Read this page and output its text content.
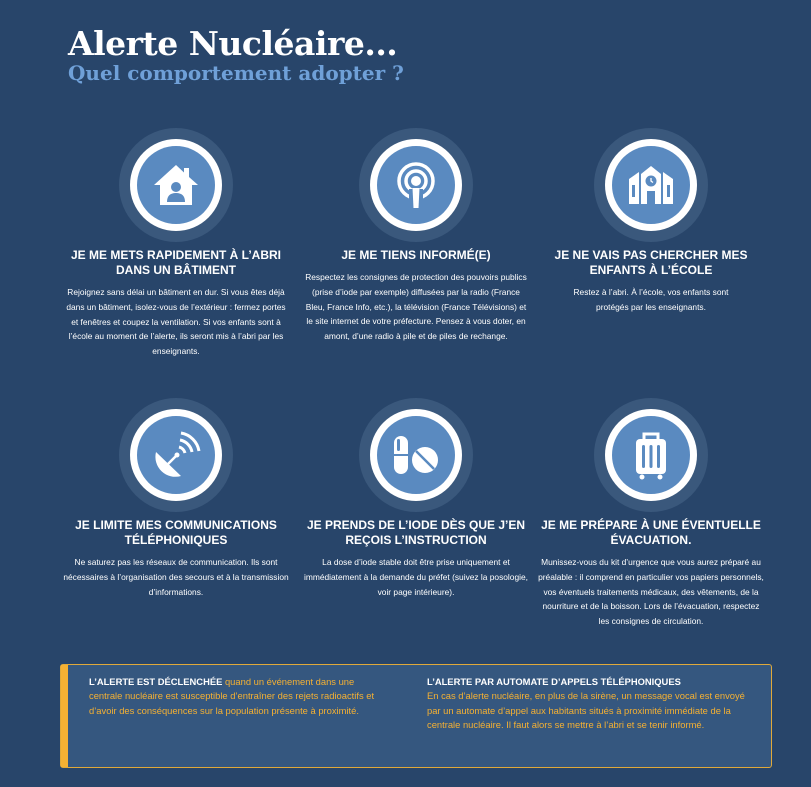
Alerte Nucléaire...
Quel comportement adopter ?
JE ME METS RAPIDEMENT À L’ABRI DANS UN BÂTIMENT
Rejoignez sans délai un bâtiment en dur. Si vous êtes déjà dans un bâtiment, isolez-vous de l’extérieur : fermez portes et fenêtres et coupez la ventilation. Si vos enfants sont à l’école au moment de l’alerte, ils seront mis à l’abri par les enseignants.
JE ME TIENS INFORMÉ(E)
Respectez les consignes de protection des pouvoirs publics (prise d’iode par exemple) diffusées par la radio (France Bleu, France Info, etc.), la télévision (France Télévisions) et le site internet de votre préfecture. Pensez à vous doter, en amont, d’une radio à pile et de piles de rechange.
JE NE VAIS PAS CHERCHER MES ENFANTS À L’ÉCOLE
Restez à l’abri. À l’école, vos enfants sont protégés par les enseignants.
JE LIMITE MES COMMUNICATIONS TÉLÉPHONIQUES
Ne saturez pas les réseaux de communication. Ils sont nécessaires à l’organisation des secours et à la transmission d’informations.
JE PRENDS DE L’IODE DÈS QUE J’EN REÇOIS L’INSTRUCTION
La dose d’iode stable doit être prise uniquement et immédiatement à la demande du préfet (suivez la posologie, voir page intérieure).
JE ME PRÉPARE À UNE ÉVENTUELLE ÉVACUATION.
Munissez-vous du kit d’urgence que vous aurez préparé au préalable : il comprend en particulier vos papiers personnels, vos éventuels traitements médicaux, des vêtements, de la nourriture et de la boisson. Lors de l’évacuation, respectez les consignes de circulation.
L’ALERTE EST DÉCLENCHÉE quand un événement dans une centrale nucléaire est susceptible d’entraîner des rejets radioactifs et d’avoir des conséquences sur la population présente à proximité.
L’ALERTE PAR AUTOMATE D’APPELS TÉLÉPHONIQUES
En cas d’alerte nucléaire, en plus de la sirène, un message vocal est envoyé par un automate d’appel aux habitants situés à proximité immédiate de la centrale nucléaire. Il faut alors se mettre à l’abri et se tenir informé.
